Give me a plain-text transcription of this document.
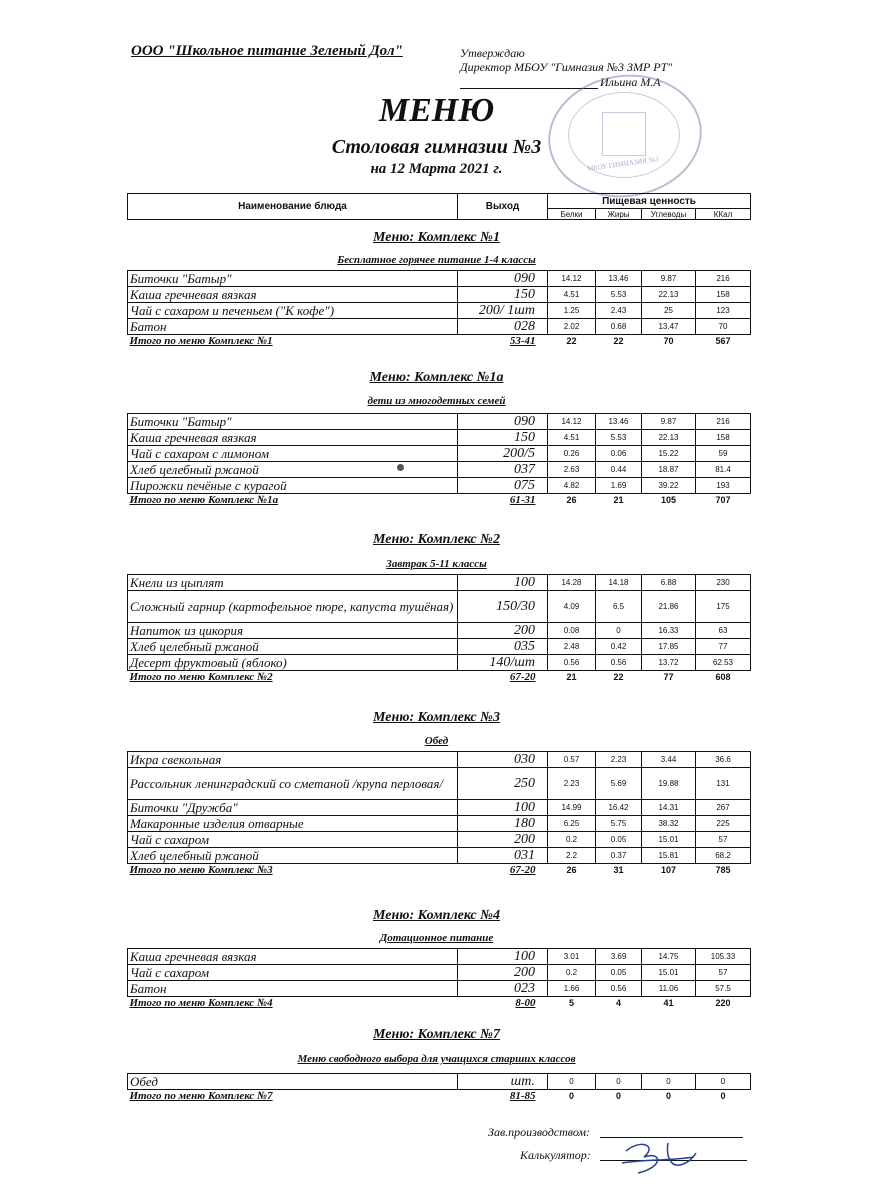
ООО "Школьное питание Зеленый Дол"	Утверждаю
Директор МБОУ "Гимназия №3 ЗМР РТ"
Ильина М.А
МБОУ ГИМНАЗИЯ №3
МЕНЮ
Столовая гимназии №3
на 12 Марта 2021 г.
Наименование блюда	Выход	Пищевая ценность			
		Белки	Жиры	Углеводы	ККал
Меню: Комплекс №1
Бесплатное горячее питание 1-4 классы
Биточки "Батыр"	090	14.12	13.46	9.87	216
Каша гречневая вязкая	150	4.51	5.53	22.13	158
Чай с сахаром и печеньем ("К кофе")	200/ 1шт	1.25	2.43	25	123
Батон	028	2.02	0.68	13.47	70
Итого по меню Комплекс №1	53-41	22	22	70	567
Меню: Комплекс №1а
дети из многодетных семей
Биточки "Батыр"	090	14.12	13.46	9.87	216
Каша гречневая вязкая	150	4.51	5.53	22.13	158
Чай с сахаром с лимоном	200/5	0.26	0.06	15.22	59
Хлеб целебный ржаной	037	2.63	0.44	18.87	81.4
Пирожки печёные с курагой	075	4.82	1.69	39.22	193
Итого по меню Комплекс №1а	61-31	26	21	105	707
Меню: Комплекс №2
Завтрак 5-11 классы
Кнели из цыплят	100	14.28	14.18	6.88	230
Сложный гарнир (картофельное пюре, капуста тушёная)	150/30	4.09	6.5	21.86	175
Напиток из цикория	200	0.08	0	16.33	63
Хлеб целебный ржаной	035	2.48	0.42	17.85	77
Десерт фруктовый (яблоко)	140/шт	0.56	0.56	13.72	62.53
Итого по меню Комплекс №2	67-20	21	22	77	608
Меню: Комплекс №3
Обед
Икра свекольная	030	0.57	2.23	3.44	36.6
Рассольник ленинградский со сметаной /крупа перловая/	250	2.23	5.69	19.88	131
Биточки "Дружба"	100	14.99	16.42	14.31	267
Макаронные изделия отварные	180	6.25	5.75	38.32	225
Чай с сахаром	200	0.2	0.05	15.01	57
Хлеб целебный ржаной	031	2.2	0.37	15.81	68.2
Итого по меню Комплекс №3	67-20	26	31	107	785
Меню: Комплекс №4
Дотационное питание
Каша гречневая вязкая	100	3.01	3.69	14.75	105.33
Чай с сахаром	200	0.2	0.05	15.01	57
Батон	023	1.66	0.56	11.06	57.5
Итого по меню Комплекс №4	8-00	5	4	41	220
Меню: Комплекс №7
Меню свободного выбора для учащихся старших классов
Обед	шт.	0	0	0	0
Итого по меню Комплекс №7	81-85	0	0	0	0
Зав.производством:
Калькулятор:
